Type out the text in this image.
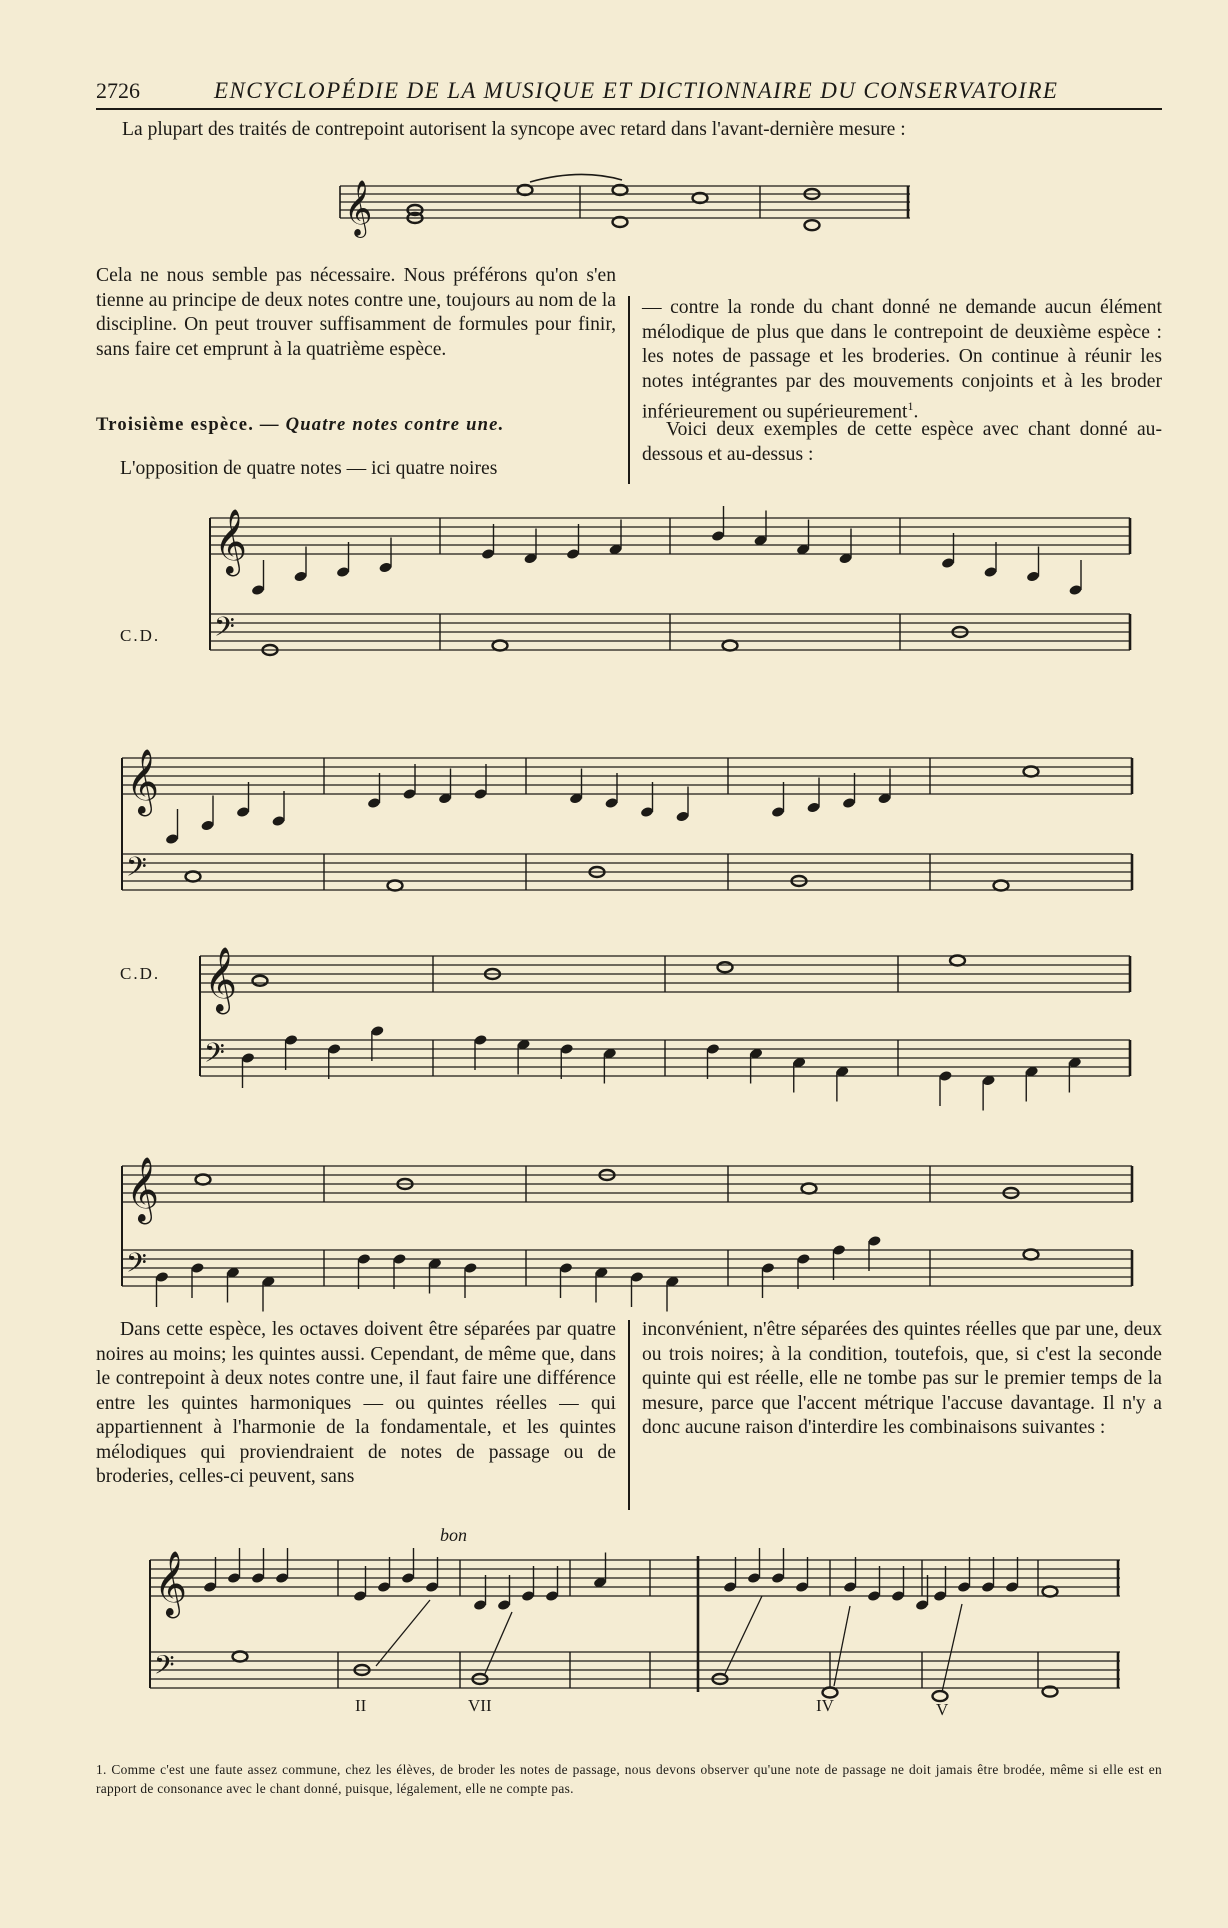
2726	ENCYCLOPÉDIE DE LA MUSIQUE ET DICTIONNAIRE DU CONSERVATOIRE

La plupart des traités de contrepoint autorisent la syncope avec retard dans l'avant-dernière mesure :

𝄞

Cela ne nous semble pas nécessaire. Nous préférons qu'on s'en tienne au principe de deux notes contre une, toujours au nom de la discipline. On peut trouver suffisamment de formules pour finir, sans faire cet emprunt à la quatrième espèce.

Troisième espèce. — Quatre notes contre une.

L'opposition de quatre notes — ici quatre noires

— contre la ronde du chant donné ne demande aucun élément mélodique de plus que dans le contrepoint de deuxième espèce : les notes de passage et les broderies. On continue à réunir les notes intégrantes par des mouvements conjoints et à les broder inférieurement ou supérieurement$^1$.

Voici deux exemples de cette espèce avec chant donné au-dessous et au-dessus :

C.D.
𝄞
𝄢
𝄞
𝄢
C.D. 𝄞
𝄢
𝄞
𝄢

Dans cette espèce, les octaves doivent être séparées par quatre noires au moins; les quintes aussi. Cependant, de même que, dans le contrepoint à deux notes contre une, il faut faire une différence entre les quintes harmoniques — ou quintes réelles — qui appartiennent à l'harmonie de la fondamentale, et les quintes mélodiques qui proviendraient de notes de passage ou de broderies, celles-ci peuvent, sans

inconvénient, n'être séparées des quintes réelles que par une, deux ou trois noires; à la condition, toutefois, que, si c'est la seconde quinte qui est réelle, elle ne tombe pas sur le premier temps de la mesure, parce que l'accent métrique l'accuse davantage. Il n'y a donc aucune raison d'interdire les combinaisons suivantes :

bon
𝄞
𝄢
II	VII	IV	V

1. Comme c'est une faute assez commune, chez les élèves, de broder les notes de passage, nous devons observer qu'une note de passage ne doit jamais être brodée, même si elle est en rapport de consonance avec le chant donné, puisque, légalement, elle ne compte pas.
